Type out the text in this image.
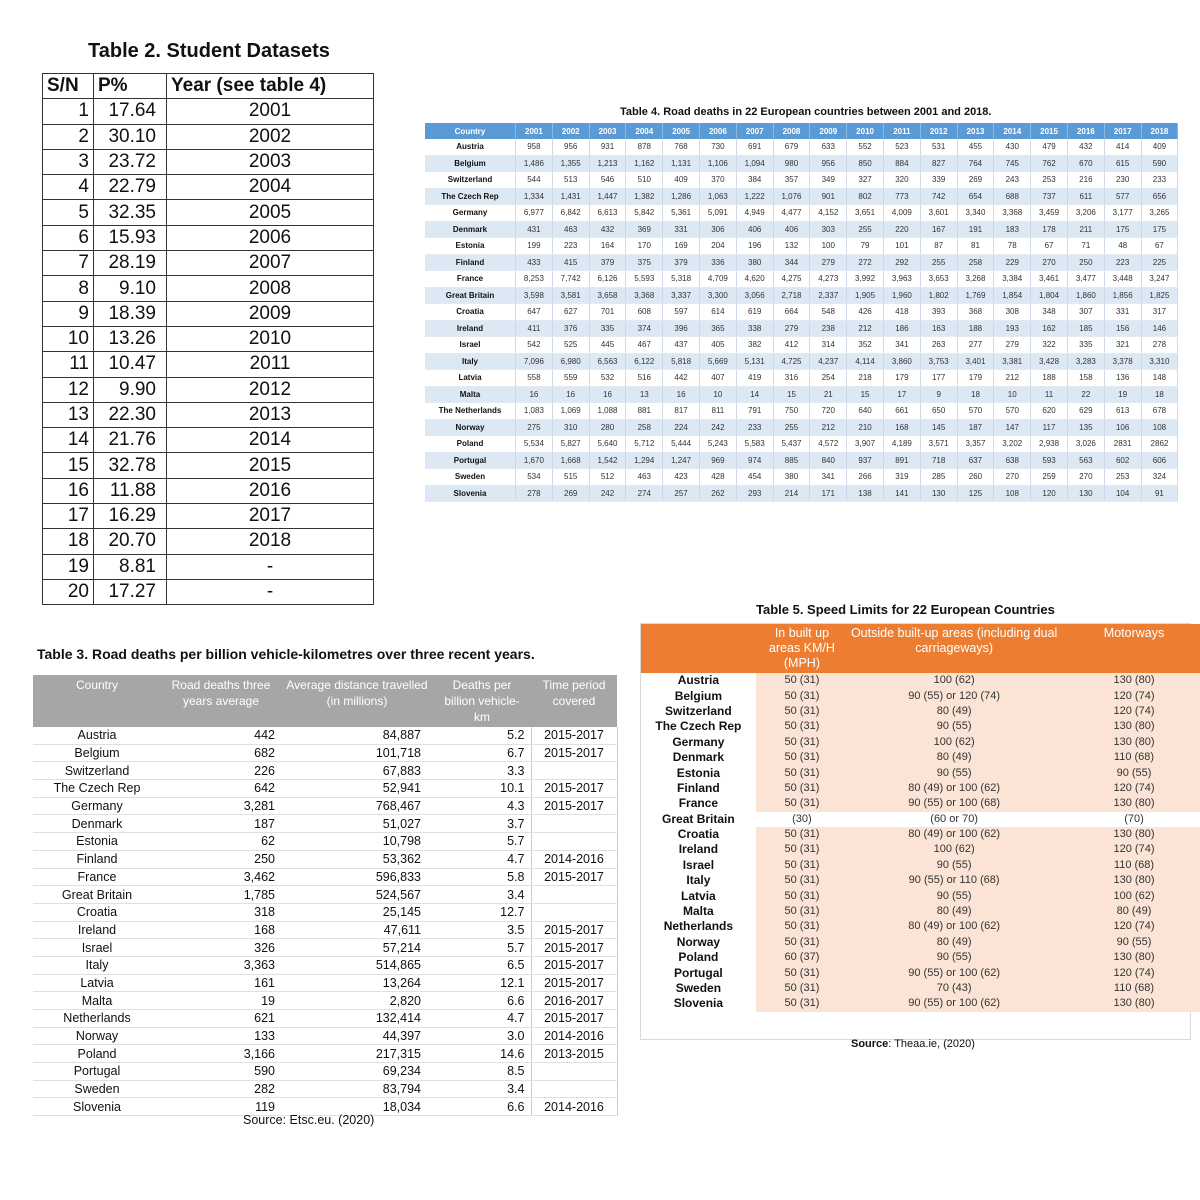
Table 2. Student Datasets
S/N	P%	Year (see table 4)
1	17.64	2001
2	30.10	2002
3	23.72	2003
4	22.79	2004
5	32.35	2005
6	15.93	2006
7	28.19	2007
8	9.10	2008
9	18.39	2009
10	13.26	2010
11	10.47	2011
12	9.90	2012
13	22.30	2013
14	21.76	2014
15	32.78	2015
16	11.88	2016
17	16.29	2017
18	20.70	2018
19	8.81	-
20	17.27	-
Table 4. Road deaths in 22 European countries between 2001 and 2018.
Country	2001	2002	2003	2004	2005	2006	2007	2008	2009	2010	2011	2012	2013	2014	2015	2016	2017	2018
Austria	958	956	931	878	768	730	691	679	633	552	523	531	455	430	479	432	414	409
Belgium	1,486	1,355	1,213	1,162	1,131	1,106	1,094	980	956	850	884	827	764	745	762	670	615	590
Switzerland	544	513	546	510	409	370	384	357	349	327	320	339	269	243	253	216	230	233
The Czech Rep	1,334	1,431	1,447	1,382	1,286	1,063	1,222	1,076	901	802	773	742	654	688	737	611	577	656
Germany	6,977	6,842	6,613	5,842	5,361	5,091	4,949	4,477	4,152	3,651	4,009	3,601	3,340	3,368	3,459	3,206	3,177	3,265
Denmark	431	463	432	369	331	306	406	406	303	255	220	167	191	183	178	211	175	175
Estonia	199	223	164	170	169	204	196	132	100	79	101	87	81	78	67	71	48	67
Finland	433	415	379	375	379	336	380	344	279	272	292	255	258	229	270	250	223	225
France	8,253	7,742	6,126	5,593	5,318	4,709	4,620	4,275	4,273	3,992	3,963	3,653	3,268	3,384	3,461	3,477	3,448	3,247
Great Britain	3,598	3,581	3,658	3,368	3,337	3,300	3,056	2,718	2,337	1,905	1,960	1,802	1,769	1,854	1,804	1,860	1,856	1,825
Croatia	647	627	701	608	597	614	619	664	548	426	418	393	368	308	348	307	331	317
Ireland	411	376	335	374	396	365	338	279	238	212	186	163	188	193	162	185	156	146
Israel	542	525	445	467	437	405	382	412	314	352	341	263	277	279	322	335	321	278
Italy	7,096	6,980	6,563	6,122	5,818	5,669	5,131	4,725	4,237	4,114	3,860	3,753	3,401	3,381	3,428	3,283	3,378	3,310
Latvia	558	559	532	516	442	407	419	316	254	218	179	177	179	212	188	158	136	148
Malta	16	16	16	13	16	10	14	15	21	15	17	9	18	10	11	22	19	18
The Netherlands	1,083	1,069	1,088	881	817	811	791	750	720	640	661	650	570	570	620	629	613	678
Norway	275	310	280	258	224	242	233	255	212	210	168	145	187	147	117	135	106	108
Poland	5,534	5,827	5,640	5,712	5,444	5,243	5,583	5,437	4,572	3,907	4,189	3,571	3,357	3,202	2,938	3,026	2831	2862
Portugal	1,670	1,668	1,542	1,294	1,247	969	974	885	840	937	891	718	637	638	593	563	602	606
Sweden	534	515	512	463	423	428	454	380	341	266	319	285	260	270	259	270	253	324
Slovenia	278	269	242	274	257	262	293	214	171	138	141	130	125	108	120	130	104	91
Table 3. Road deaths per billion vehicle-kilometres over three recent years.
Country	Road deaths three years average	Average distance travelled (in millions)	Deaths per billion vehicle-km	Time period covered
Austria	442	84,887	5.2	2015-2017
Belgium	682	101,718	6.7	2015-2017
Switzerland	226	67,883	3.3	
The Czech Rep	642	52,941	10.1	2015-2017
Germany	3,281	768,467	4.3	2015-2017
Denmark	187	51,027	3.7	
Estonia	62	10,798	5.7	
Finland	250	53,362	4.7	2014-2016
France	3,462	596,833	5.8	2015-2017
Great Britain	1,785	524,567	3.4	
Croatia	318	25,145	12.7	
Ireland	168	47,611	3.5	2015-2017
Israel	326	57,214	5.7	2015-2017
Italy	3,363	514,865	6.5	2015-2017
Latvia	161	13,264	12.1	2015-2017
Malta	19	2,820	6.6	2016-2017
Netherlands	621	132,414	4.7	2015-2017
Norway	133	44,397	3.0	2014-2016
Poland	3,166	217,315	14.6	2013-2015
Portugal	590	69,234	8.5	
Sweden	282	83,794	3.4	
Slovenia	119	18,034	6.6	2014-2016
Source: Etsc.eu. (2020)
Table 5. Speed Limits for 22 European Countries
	In built up areas KM/H (MPH)	Outside built-up areas (including dual carriageways)		Motorways
Austria	50 (31)	100 (62)		130 (80)
Belgium	50 (31)	90 (55) or 120 (74)		120 (74)
Switzerland	50 (31)	80 (49)		120 (74)
The Czech Rep	50 (31)	90 (55)		130 (80)
Germany	50 (31)	100 (62)		130 (80)
Denmark	50 (31)	80 (49)		110 (68)
Estonia	50 (31)	90 (55)		90 (55)
Finland	50 (31)	80 (49) or 100 (62)		120 (74)
France	50 (31)	90 (55) or 100 (68)		130 (80)
Great Britain	(30)	(60 or 70)		(70)
Croatia	50 (31)	80 (49) or 100 (62)		130 (80)
Ireland	50 (31)	100 (62)		120 (74)
Israel	50 (31)	90 (55)		110 (68)
Italy	50 (31)	90 (55) or 110 (68)		130 (80)
Latvia	50 (31)	90 (55)		100 (62)
Malta	50 (31)	80 (49)		80 (49)
Netherlands	50 (31)	80 (49) or 100 (62)		120 (74)
Norway	50 (31)	80 (49)		90 (55)
Poland	60 (37)	90 (55)		130 (80)
Portugal	50 (31)	90 (55) or 100 (62)		120 (74)
Sweden	50 (31)	70 (43)		110 (68)
Slovenia	50 (31)	90 (55) or 100 (62)		130 (80)
Source: Theaa.ie, (2020)
